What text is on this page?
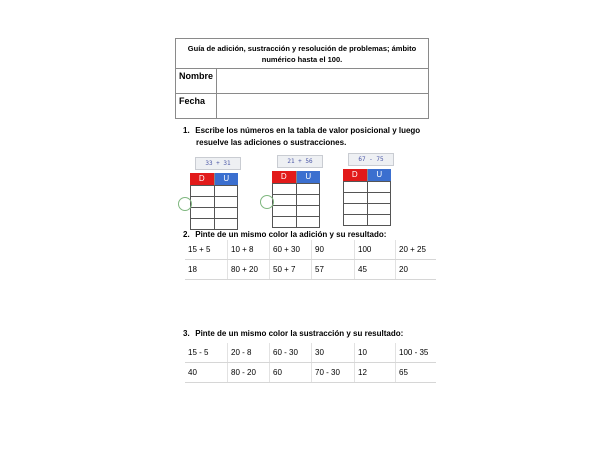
Guía de adición, sustracción y resolución de problemas; ámbito numérico hasta el 100.	
Nombre	
Fecha	
1. Escribe los números en la tabla de valor posicional y luego
resuelve las adiciones o sustracciones.
33 + 31
D	U

21 + 56
D	U

67 - 75
D	U

2. Pinte de un mismo color la adición y su resultado:
15 + 5	10 + 8	60 + 30	90	100	20 + 25
18	80 + 20	50 + 7	57	45	20
3. Pinte de un mismo color la sustracción y su resultado:
15 - 5	20 - 8	60 - 30	30	10	100 - 35
40	80 - 20	60	70 - 30	12	65
